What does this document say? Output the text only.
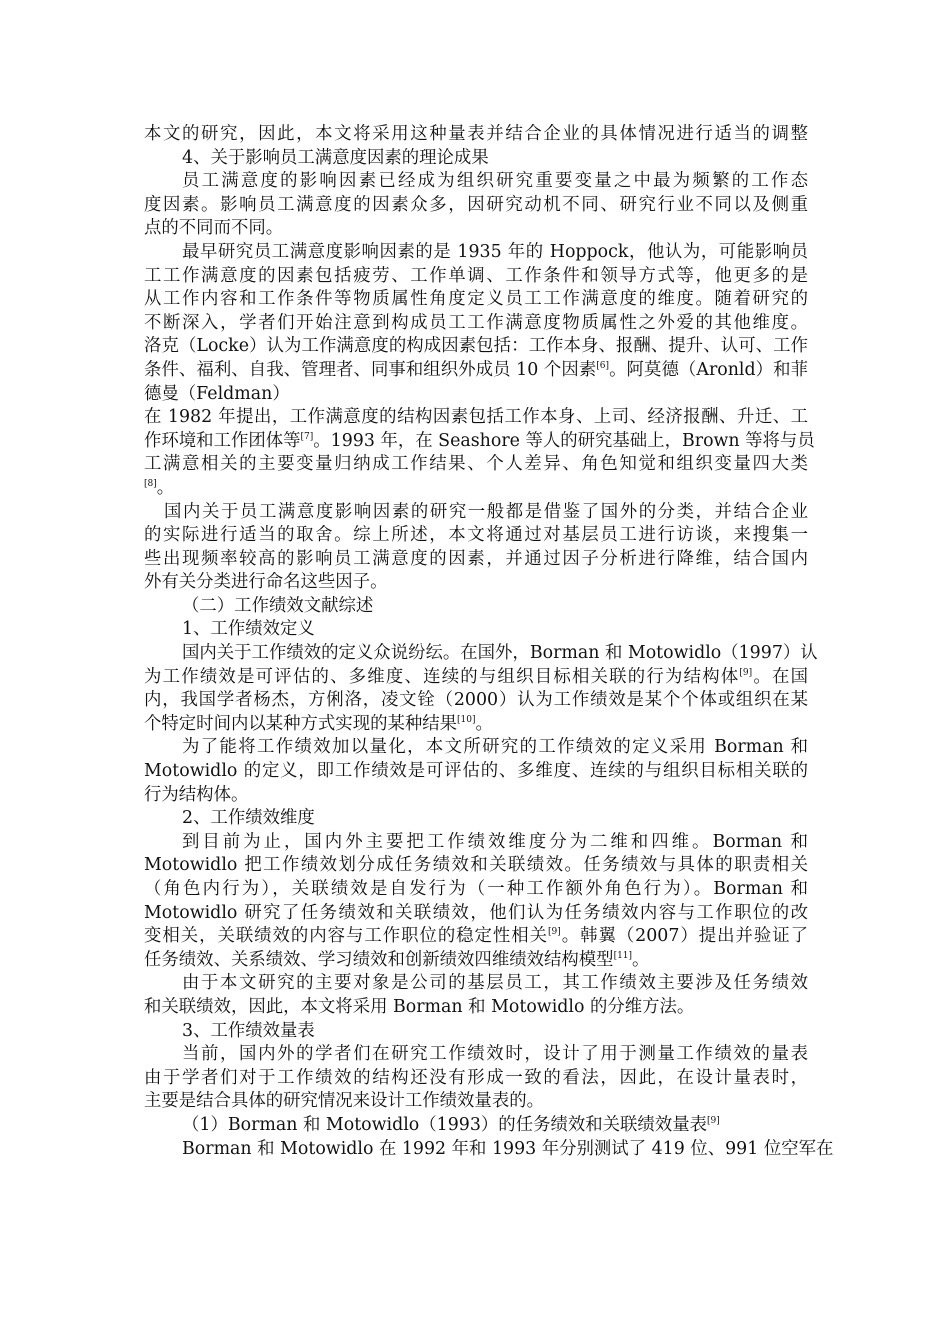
本文的研究，因此，本文将采用这种量表并结合企业的具体情况进行适当的调整
4、关于影响员工满意度因素的理论成果
员工满意度的影响因素已经成为组织研究重要变量之中最为频繁的工作态
度因素。影响员工满意度的因素众多，因研究动机不同、研究行业不同以及侧重
点的不同而不同。
最早研究员工满意度影响因素的是 1935 年的 Hoppock，他认为，可能影响员
工工作满意度的因素包括疲劳、工作单调、工作条件和领导方式等，他更多的是
从工作内容和工作条件等物质属性角度定义员工工作满意度的维度。随着研究的
不断深入，学者们开始注意到构成员工工作满意度物质属性之外爱的其他维度。
洛克（Locke）认为工作满意度的构成因素包括：工作本身、报酬、提升、认可、工作
条件、福利、自我、管理者、同事和组织外成员 10 个因素[6]。阿莫德（Aronld）和菲
德曼（Feldman）
在 1982 年提出，工作满意度的结构因素包括工作本身、上司、经济报酬、升迁、工
作环境和工作团体等[7]。1993 年，在 Seashore 等人的研究基础上，Brown 等将与员
工满意相关的主要变量归纳成工作结果、个人差异、角色知觉和组织变量四大类
[8]。
国内关于员工满意度影响因素的研究一般都是借鉴了国外的分类，并结合企业
的实际进行适当的取舍。综上所述，本文将通过对基层员工进行访谈，来搜集一
些出现频率较高的影响员工满意度的因素，并通过因子分析进行降维，结合国内
外有关分类进行命名这些因子。
（二）工作绩效文献综述
1、工作绩效定义
国内关于工作绩效的定义众说纷纭。在国外，Borman 和 Motowidlo（1997）认
为工作绩效是可评估的、多维度、连续的与组织目标相关联的行为结构体[9]。在国
内，我国学者杨杰，方俐洛，凌文铨（2000）认为工作绩效是某个个体或组织在某
个特定时间内以某种方式实现的某种结果[10]。
为了能将工作绩效加以量化，本文所研究的工作绩效的定义采用 Borman 和
Motowidlo 的定义，即工作绩效是可评估的、多维度、连续的与组织目标相关联的
行为结构体。
2、工作绩效维度
到目前为止，国内外主要把工作绩效维度分为二维和四维。Borman 和
Motowidlo 把工作绩效划分成任务绩效和关联绩效。任务绩效与具体的职责相关
（角色内行为），关联绩效是自发行为（一种工作额外角色行为）。Borman 和
Motowidlo 研究了任务绩效和关联绩效，他们认为任务绩效内容与工作职位的改
变相关，关联绩效的内容与工作职位的稳定性相关[9]。韩翼（2007）提出并验证了
任务绩效、关系绩效、学习绩效和创新绩效四维绩效结构模型[11]。
由于本文研究的主要对象是公司的基层员工，其工作绩效主要涉及任务绩效
和关联绩效，因此，本文将采用 Borman 和 Motowidlo 的分维方法。
3、工作绩效量表
当前，国内外的学者们在研究工作绩效时，设计了用于测量工作绩效的量表
由于学者们对于工作绩效的结构还没有形成一致的看法，因此，在设计量表时，
主要是结合具体的研究情况来设计工作绩效量表的。
（1）Borman 和 Motowidlo（1993）的任务绩效和关联绩效量表[9]
Borman 和 Motowidlo 在 1992 年和 1993 年分别测试了 419 位、991 位空军在
